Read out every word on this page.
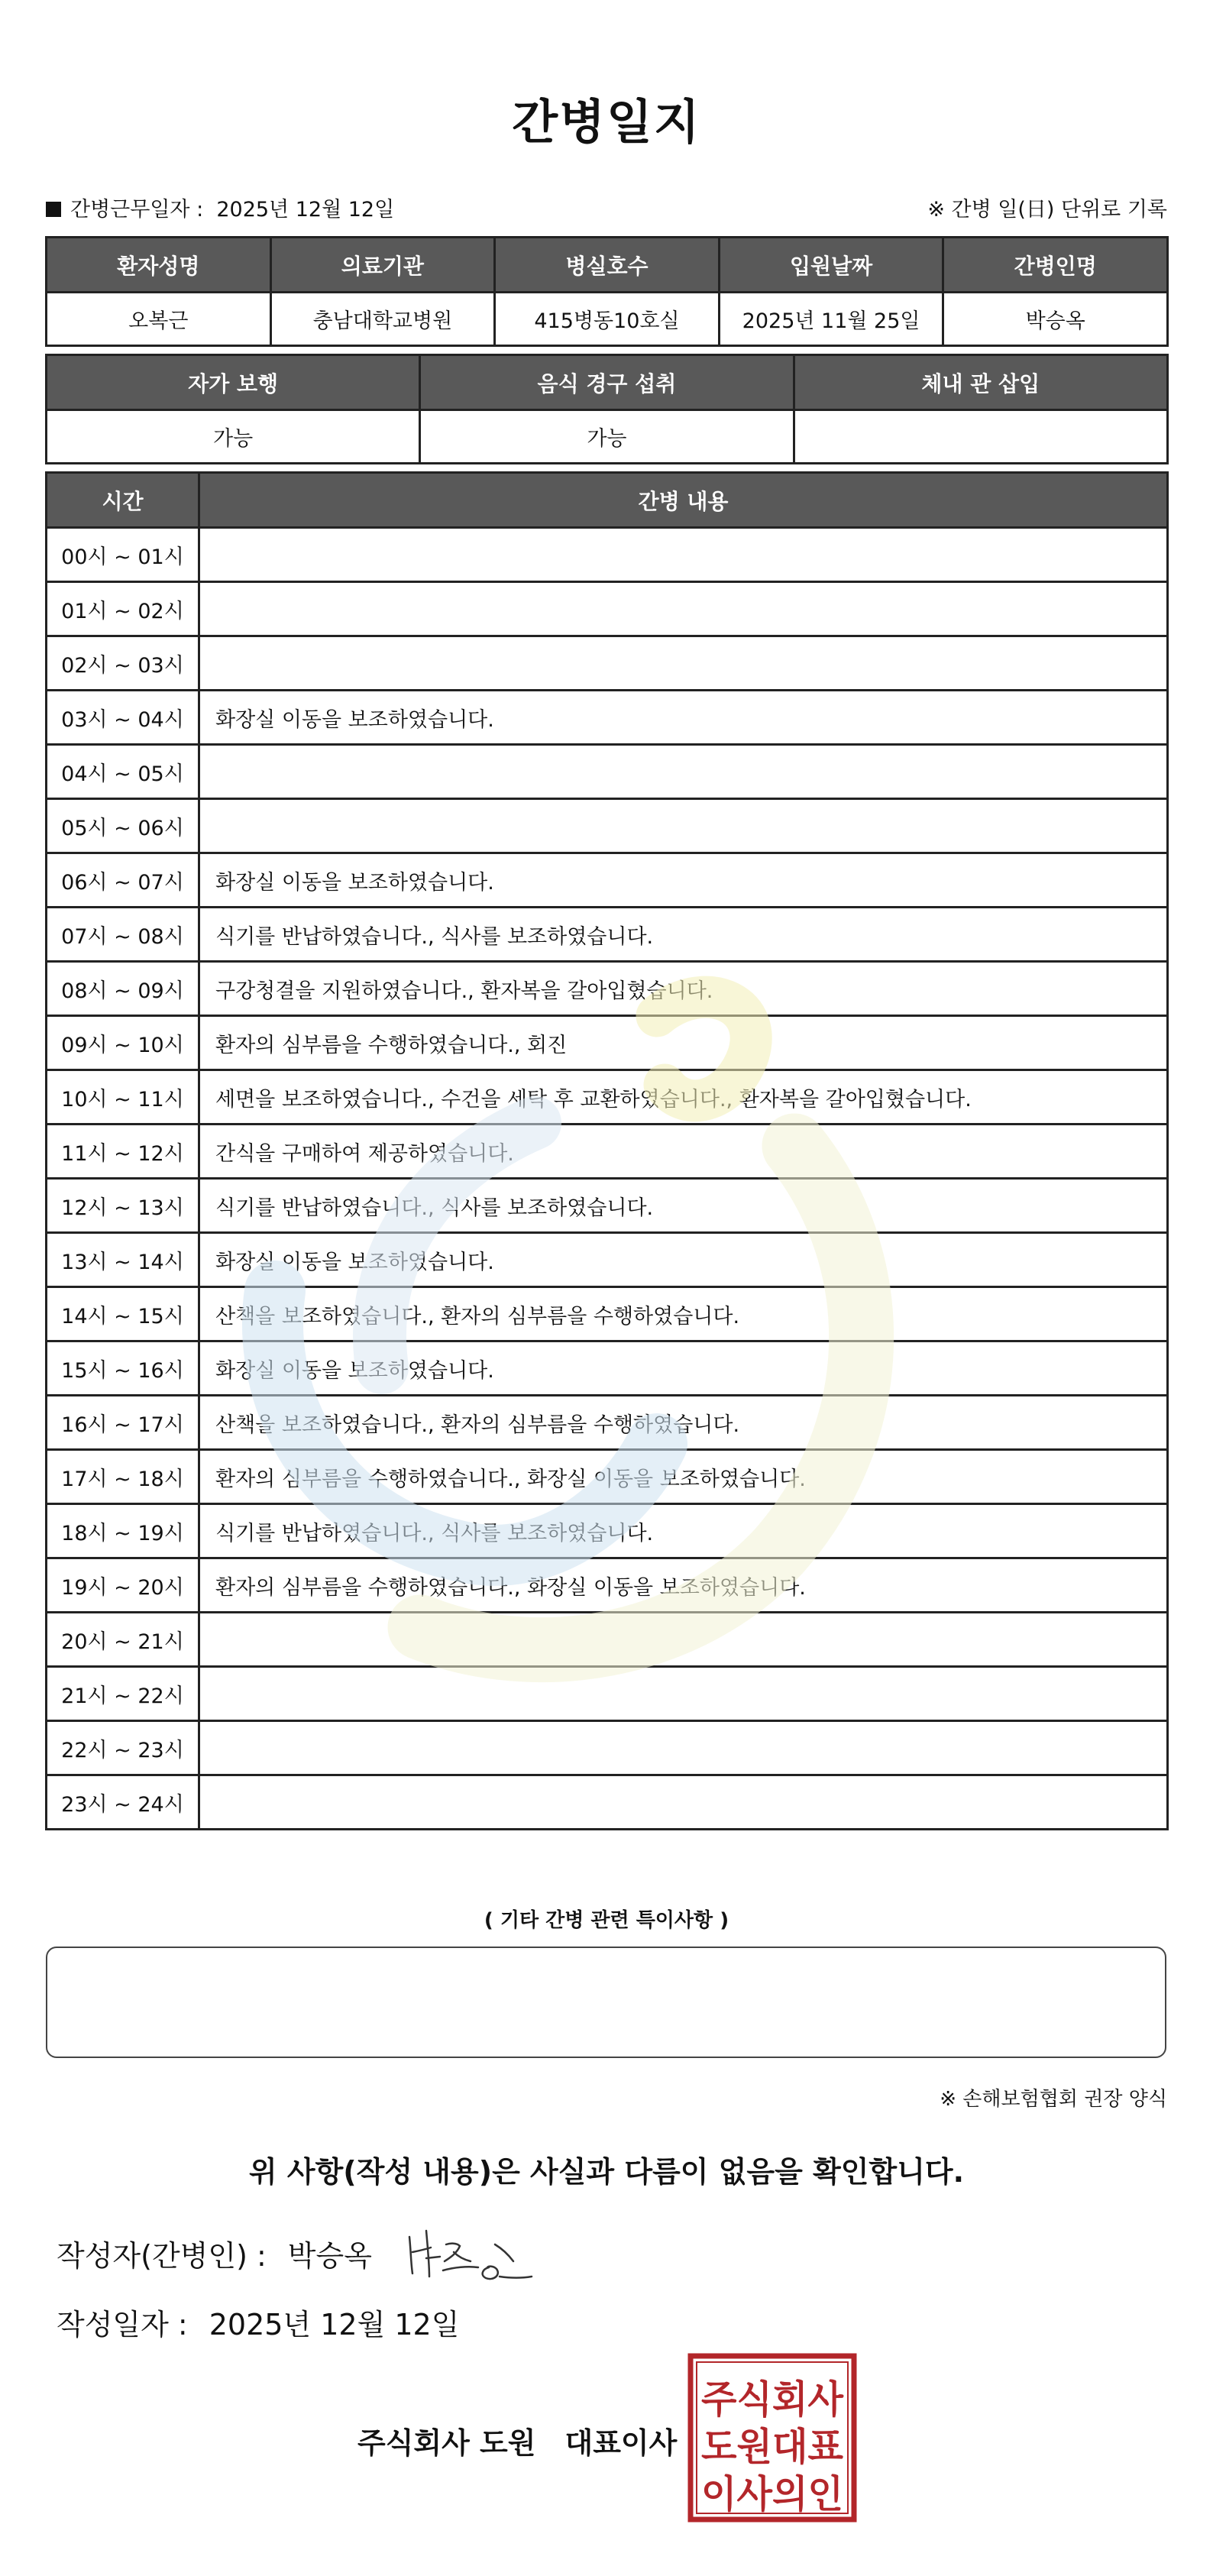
간병일지
간병근무일자 : 2025년 12월 12일	※ 간병 일(日) 단위로 기록
환자성명	의료기관	병실호수	입원날짜	간병인명
오복근	충남대학교병원	415병동10호실	2025년 11월 25일	박승옥
자가 보행	음식 경구 섭취	체내 관 삽입
가능	가능	
시간	간병 내용
00시 ~ 01시	
01시 ~ 02시	
02시 ~ 03시	
03시 ~ 04시	화장실 이동을 보조하였습니다.
04시 ~ 05시	
05시 ~ 06시	
06시 ~ 07시	화장실 이동을 보조하였습니다.
07시 ~ 08시	식기를 반납하였습니다., 식사를 보조하였습니다.
08시 ~ 09시	구강청결을 지원하였습니다., 환자복을 갈아입혔습니다.
09시 ~ 10시	환자의 심부름을 수행하였습니다., 회진
10시 ~ 11시	세면을 보조하였습니다., 수건을 세탁 후 교환하였습니다., 환자복을 갈아입혔습니다.
11시 ~ 12시	간식을 구매하여 제공하였습니다.
12시 ~ 13시	식기를 반납하였습니다., 식사를 보조하였습니다.
13시 ~ 14시	화장실 이동을 보조하였습니다.
14시 ~ 15시	산책을 보조하였습니다., 환자의 심부름을 수행하였습니다.
15시 ~ 16시	화장실 이동을 보조하였습니다.
16시 ~ 17시	산책을 보조하였습니다., 환자의 심부름을 수행하였습니다.
17시 ~ 18시	환자의 심부름을 수행하였습니다., 화장실 이동을 보조하였습니다.
18시 ~ 19시	식기를 반납하였습니다., 식사를 보조하였습니다.
19시 ~ 20시	환자의 심부름을 수행하였습니다., 화장실 이동을 보조하였습니다.
20시 ~ 21시	
21시 ~ 22시	
22시 ~ 23시	
23시 ~ 24시	
( 기타 간병 관련 특이사항 )
※ 손해보험협회 권장 양식
위 사항(작성 내용)은 사실과 다름이 없음을 확인합니다.
작성자(간병인) : 박승옥
작성일자 : 2025년 12월 12일
주식회사 도원 대표이사
주식회사
도원대표
이사의인
